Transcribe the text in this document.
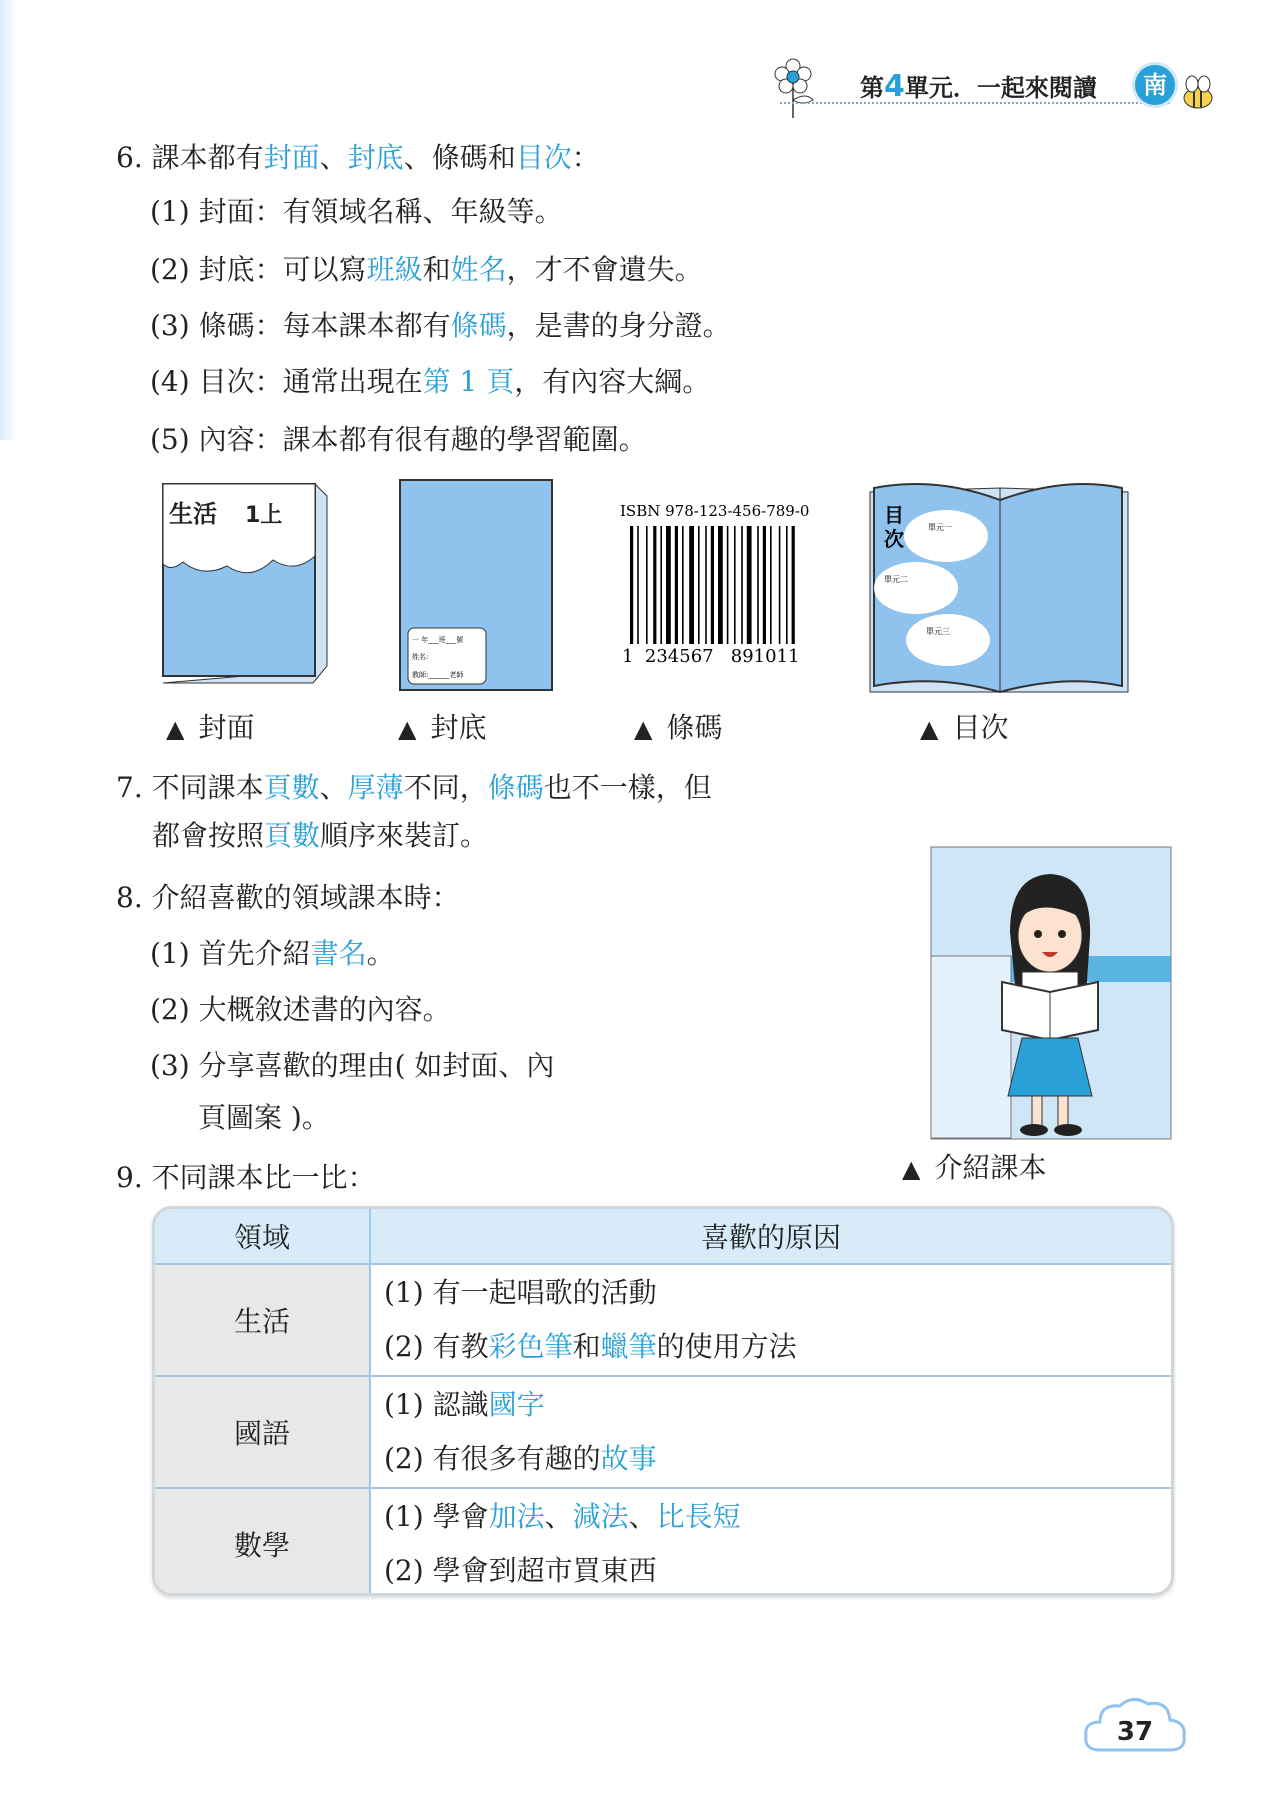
第4單元．一起來閱讀	南
6. 課本都有封面、封底、條碼和目次：
(1) 封面：有領域名稱、年級等。
(2) 封底：可以寫班級和姓名，才不會遺失。
(3) 條碼：每本課本都有條碼，是書的身分證。
(4) 目次：通常出現在第 1 頁，有內容大綱。
(5) 內容：課本都有很有趣的學習範圍。
生活 1上
一 年___班___號
姓名:
教師:______老師
ISBN 978-123-456-789-0
1  234567   891011
目
次	單元一
單元二
單元三
▲ 封面	▲ 封底	▲ 條碼	▲ 目次
7. 不同課本頁數、厚薄不同，條碼也不一樣，但
都會按照頁數順序來裝訂。
8. 介紹喜歡的領域課本時：
(1) 首先介紹書名。
(2) 大概敘述書的內容。
(3) 分享喜歡的理由( 如封面、內
頁圖案 )。
▲ 介紹課本
9. 不同課本比一比：
領域	喜歡的原因
生活	(1) 有一起唱歌的活動
(2) 有教彩色筆和蠟筆的使用方法

國語	(1) 認識國字
(2) 有很多有趣的故事

數學	(1) 學會加法、減法、比長短
(2) 學會到超市買東西
37
